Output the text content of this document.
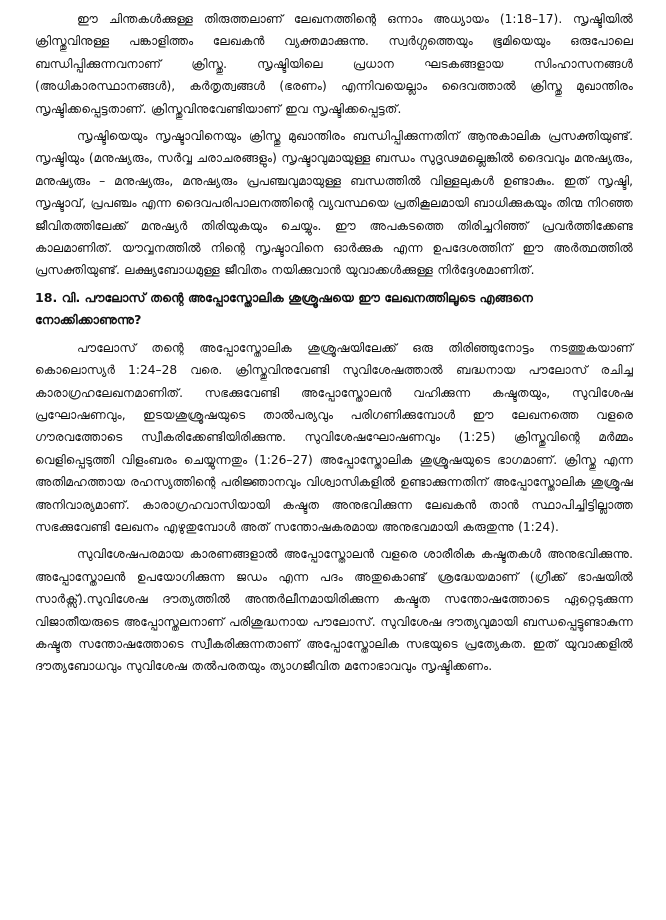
ഈ ചിന്തകൾക്കുള്ള തിരുത്തലാണ് ലേഖനത്തിന്റെ ഒന്നാം അധ്യായം (1:18–17). സൃഷ്ടിയിൽ ക്രിസ്തുവിനുള്ള പങ്കാളിത്തം ലേഖകൻ വ്യക്തമാക്കുന്നു. സ്വർഗ്ഗത്തെയും ഭൂമിയെയും ഒരുപോലെ ബന്ധിപ്പിക്കുന്നവനാണ് ക്രിസ്തു. സൃഷ്ടിയിലെ പ്രധാന ഘടകങ്ങളായ സിംഹാസനങ്ങൾ (അധികാരസ്ഥാനങ്ങൾ), കർതൃത്വങ്ങൾ (ഭരണം) എന്നിവയെല്ലാം ദൈവത്താൽ ക്രിസ്തു മുഖാന്തിരം സൃഷ്ടിക്കപ്പെട്ടതാണ്. ക്രിസ്തുവിനുവേണ്ടിയാണ് ഇവ സൃഷ്ടിക്കപ്പെട്ടത്.

സൃഷ്ടിയെയും സൃഷ്ടാവിനെയും ക്രിസ്തു മുഖാന്തിരം ബന്ധിപ്പിക്കുന്നതിന് ആനുകാലിക പ്രസക്തിയുണ്ട്. സൃഷ്ടിയും (മനുഷ്യരും, സർവ്വ ചരാചരങ്ങളും) സൃഷ്ടാവുമായുള്ള ബന്ധം സുദൃഢമല്ലെങ്കിൽ ദൈവവും മനുഷ്യരും, മനുഷ്യരും – മനുഷ്യരും, മനുഷ്യരും പ്രപഞ്ചവുമായുള്ള ബന്ധത്തിൽ വിള്ളലുകൾ ഉണ്ടാകും. ഇത് സൃഷ്ടി, സൃഷ്ടാവ്, പ്രപഞ്ചം എന്ന ദൈവപരിപാലനത്തിന്റെ വ്യവസ്ഥയെ പ്രതികൂലമായി ബാധിക്കുകയും തിന്മ നിറഞ്ഞ ജീവിതത്തിലേക്ക് മനുഷ്യർ തിരിയുകയും ചെയ്യും. ഈ അപകടത്തെ തിരിച്ചറിഞ്ഞ് പ്രവർത്തിക്കേണ്ട കാലമാണിത്. യൗവ്വനത്തിൽ നിന്റെ സൃഷ്ടാവിനെ ഓർക്കുക എന്ന ഉപദേശത്തിന് ഈ അർത്ഥത്തിൽ പ്രസക്തിയുണ്ട്. ലക്ഷ്യബോധമുള്ള ജീവിതം നയിക്കുവാൻ യുവാക്കൾക്കുള്ള നിർദ്ദേശമാണിത്.

18. വി. പൗലോസ് തന്റെ അപ്പോസ്തോലിക ശുശ്രൂഷയെ ഈ ലേഖനത്തിലൂടെ എങ്ങനെ നോക്കിക്കാണുന്നു?

പൗലോസ് തന്റെ അപ്പോസ്തോലിക ശുശ്രൂഷയിലേക്ക് ഒരു തിരിഞ്ഞുനോട്ടം നടത്തുകയാണ് കൊലൊസ്യർ 1:24–28 വരെ. ക്രിസ്തുവിനുവേണ്ടി സുവിശേഷത്താൽ ബദ്ധനായ പൗലോസ് രചിച്ച കാരാഗ്രഹലേഖനമാണിത്. സഭക്കുവേണ്ടി അപ്പോസ്തോലൻ വഹിക്കുന്ന കഷ്ടതയും, സുവിശേഷ പ്രഘോഷണവും, ഇടയശുശ്രൂഷയുടെ താൽപര്യവും പരിഗണിക്കുമ്പോൾ ഈ ലേഖനത്തെ വളരെ ഗൗരവത്തോടെ സ്വീകരിക്കേണ്ടിയിരിക്കുന്നു. സുവിശേഷഘോഷണവും (1:25) ക്രിസ്തുവിന്റെ മർമ്മം വെളിപ്പെടുത്തി വിളംബരം ചെയ്യുന്നതും (1:26–27) അപ്പോസ്തോലിക ശുശ്രൂഷയുടെ ഭാഗമാണ്. ക്രിസ്തു എന്ന അതിമഹത്തായ രഹസ്യത്തിന്റെ പരിജ്ഞാനവും വിശ്വാസികളിൽ ഉണ്ടാക്കുന്നതിന് അപ്പോസ്തോലിക ശുശ്രൂഷ അനിവാര്യമാണ്. കാരാഗ്രഹവാസിയായി കഷ്ടത അനുഭവിക്കുന്ന ലേഖകൻ താൻ സ്ഥാപിച്ചിട്ടില്ലാത്ത സഭക്കുവേണ്ടി ലേഖനം എഴുതുമ്പോൾ അത് സന്തോഷകരമായ അനുഭവമായി കരുതുന്നു (1:24).

സുവിശേഷപരമായ കാരണങ്ങളാൽ അപ്പോസ്തോലൻ വളരെ ശാരീരിക കഷ്ടതകൾ അനുഭവിക്കുന്നു. അപ്പോസ്തോലൻ ഉപയോഗിക്കുന്ന ജഡം എന്ന പദം അതുകൊണ്ട് ശ്രദ്ധേയമാണ് (ഗ്രീക്ക് ഭാഷയിൽ സാർക്സ്).സുവിശേഷ ദൗത്യത്തിൽ അന്തർലീനമായിരിക്കുന്ന കഷ്ടത സന്തോഷത്തോടെ ഏറ്റെടുക്കുന്ന വിജാതീയരുടെ അപ്പോസ്തലനാണ് പരിശുദ്ധനായ പൗലോസ്. സുവിശേഷ ദൗത്യവുമായി ബന്ധപ്പെട്ടുണ്ടാകുന്ന കഷ്ടത സന്തോഷത്തോടെ സ്വീകരിക്കുന്നതാണ് അപ്പോസ്തോലിക സഭയുടെ പ്രത്യേകത. ഇത് യുവാക്കളിൽ ദൗത്യബോധവും സുവിശേഷ തൽപരതയും ത്യാഗജീവിത മനോഭാവവും സൃഷ്ടിക്കണം.
